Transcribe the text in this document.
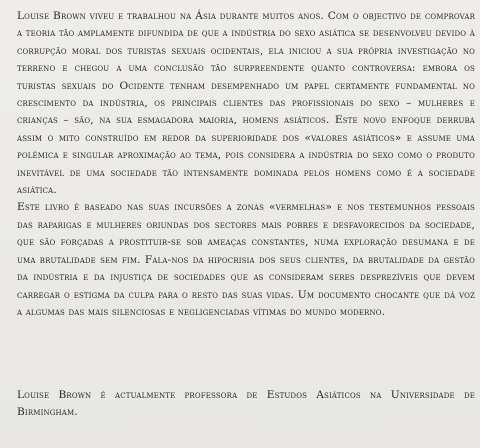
Louise Brown viveu e trabalhou na Ásia durante muitos anos. Com o objectivo de comprovar a teoria tão amplamente difundida de que a indústria do sexo asiática se desenvolveu devido à corrupção moral dos turistas sexuais ocidentais, ela iniciou a sua própria investigação no terreno e chegou a uma conclusão tão surpreendente quanto controversa: embora os turistas sexuais do Ocidente tenham desempenhado um papel certamente fundamental no crescimento da indústria, os principais clientes das profissionais do sexo – mulheres e crianças – são, na sua esmagadora maioria, homens asiáticos. Este novo enfoque derruba assim o mito construído em redor da superioridade dos «valores asiáticos» e assume uma polémica e singular aproximação ao tema, pois considera a indústria do sexo como o produto inevitável de uma sociedade tão intensamente dominada pelos homens como é a sociedade asiática.
Este livro é baseado nas suas incursões a zonas «vermelhas» e nos testemunhos pessoais das raparigas e mulheres oriundas dos sectores mais pobres e desfavorecidos da sociedade, que são forçadas a prostituir-se sob ameaças constantes, numa exploração desumana e de uma brutalidade sem fim. Fala-nos da hipocrisia dos seus clientes, da brutalidade da gestão da indústria e da injustiça de sociedades que as consideram seres desprezíveis que devem carregar o estigma da culpa para o resto das suas vidas. Um documento chocante que dá voz a algumas das mais silenciosas e negligenciadas vítimas do mundo moderno.
Louise Brown é actualmente professora de Estudos Asiáticos na Universidade de Birmingham.
